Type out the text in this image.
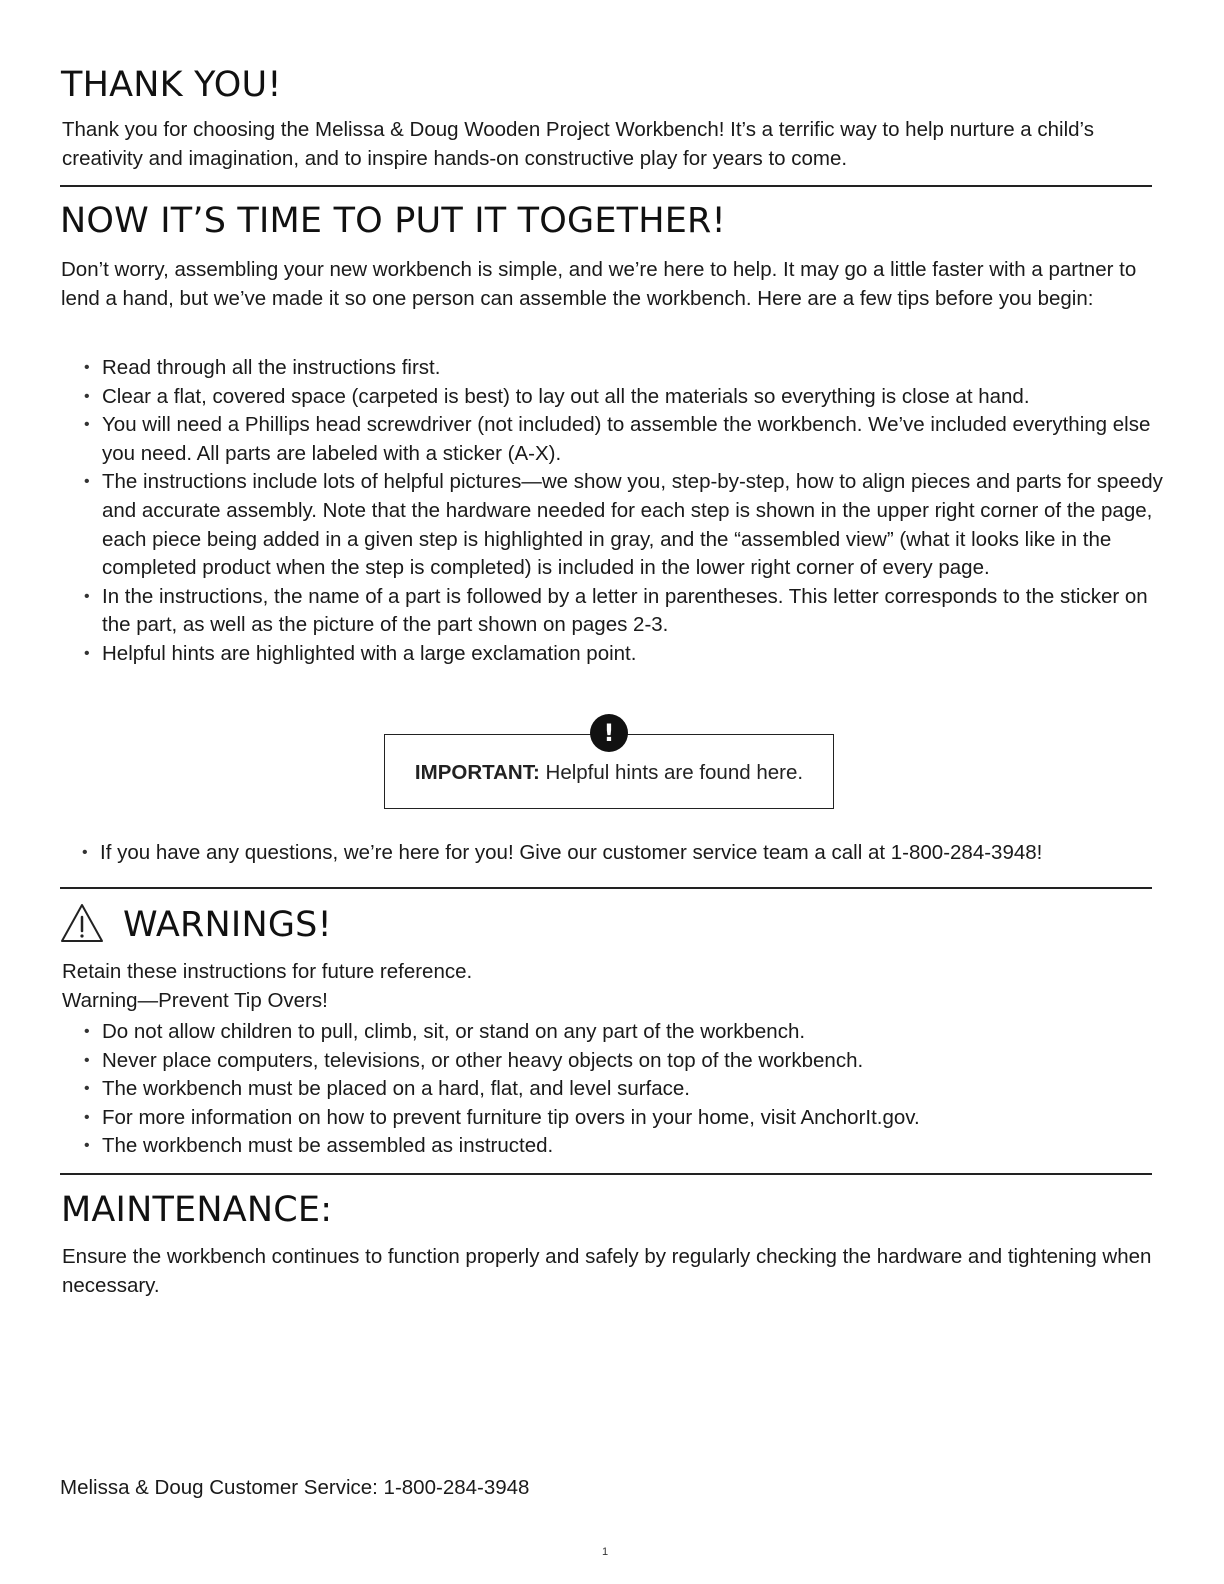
THANK YOU!
Thank you for choosing the Melissa & Doug Wooden Project Workbench! It’s a terrific way to help nurture a child’s creativity and imagination, and to inspire hands-on constructive play for years to come.
NOW IT’S TIME TO PUT IT TOGETHER!
Don’t worry, assembling your new workbench is simple, and we’re here to help. It may go a little faster with a partner to lend a hand, but we’ve made it so one person can assemble the workbench. Here are a few tips before you begin:
• Read through all the instructions first.
• Clear a flat, covered space (carpeted is best) to lay out all the materials so everything is close at hand.
• You will need a Phillips head screwdriver (not included) to assemble the workbench. We’ve included everything else you need. All parts are labeled with a sticker (A-X).
• The instructions include lots of helpful pictures—we show you, step-by-step, how to align pieces and parts for speedy and accurate assembly. Note that the hardware needed for each step is shown in the upper right corner of the page, each piece being added in a given step is highlighted in gray, and the “assembled view” (what it looks like in the completed product when the step is completed) is included in the lower right corner of every page.
• In the instructions, the name of a part is followed by a letter in parentheses. This letter corresponds to the sticker on the part, as well as the picture of the part shown on pages 2-3.
• Helpful hints are highlighted with a large exclamation point.
IMPORTANT: Helpful hints are found here.
!
• If you have any questions, we’re here for you! Give our customer service team a call at 1-800-284-3948!
WARNINGS!
Retain these instructions for future reference.
Warning—Prevent Tip Overs!
• Do not allow children to pull, climb, sit, or stand on any part of the workbench.
• Never place computers, televisions, or other heavy objects on top of the workbench.
• The workbench must be placed on a hard, flat, and level surface.
• For more information on how to prevent furniture tip overs in your home, visit AnchorIt.gov.
• The workbench must be assembled as instructed.
MAINTENANCE:
Ensure the workbench continues to function properly and safely by regularly checking the hardware and tightening when necessary.
Melissa & Doug Customer Service: 1-800-284-3948
1
